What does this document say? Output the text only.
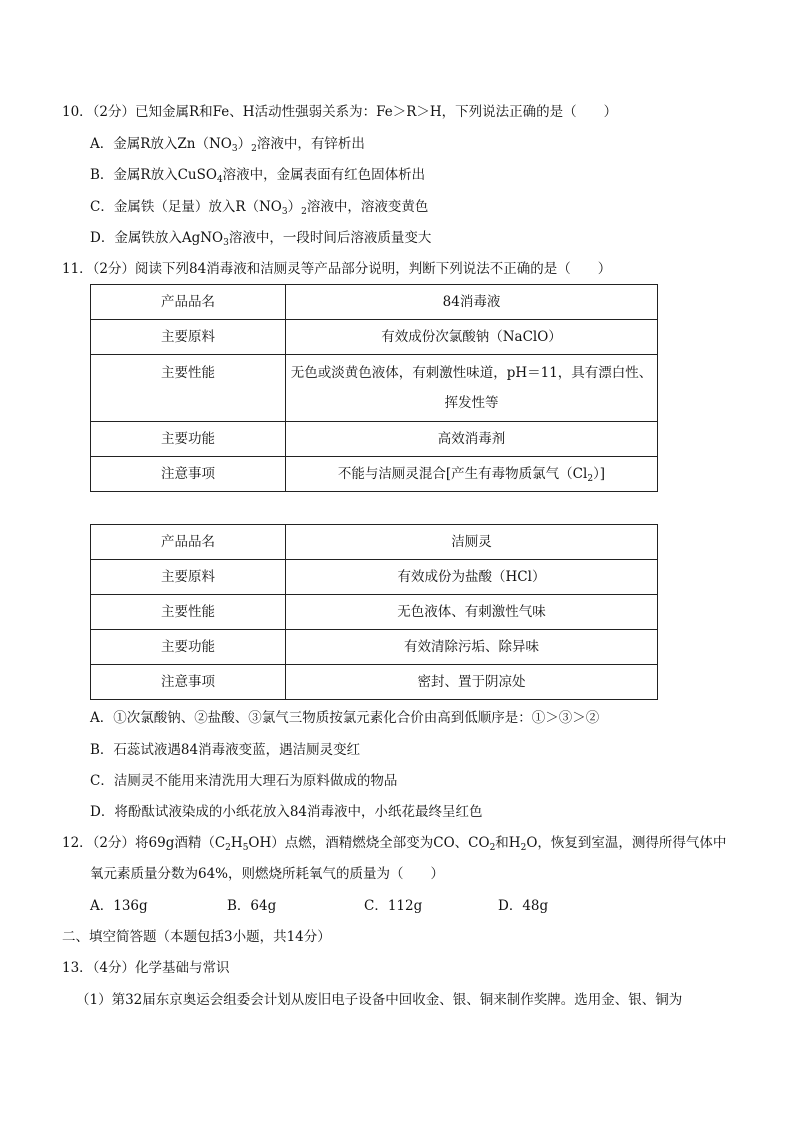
10．（2分）已知金属R和Fe、H活动性强弱关系为：Fe＞R＞H，下列说法正确的是（　　）
A．金属R放入$Zn(NO_3)_2$溶液中，有锌析出
B．金属R放入CuSO$_4$溶液中，金属表面有红色固体析出
C．金属铁（足量）放入$R(NO_3)_2$溶液中，溶液变黄色
D．金属铁放入AgNO$_3$溶液中，一段时间后溶液质量变大
11．（2分）阅读下列84消毒液和洁厕灵等产品部分说明，判断下列说法不正确的是（　　）
产品品名	84消毒液
主要原料	有效成份次氯酸钠（NaClO）
主要性能	无色或淡黄色液体，有刺激性味道，pH＝11，具有漂白性、
挥发性等
主要功能	高效消毒剂
注意事项	不能与洁厕灵混合[产生有毒物质氯气$(Cl_2)$]
产品品名	洁厕灵
主要原料	有效成份为盐酸（HCl）
主要性能	无色液体、有刺激性气味
主要功能	有效清除污垢、除异味
注意事项	密封、置于阴凉处
A．①次氯酸钠、②盐酸、③氯气三物质按氯元素化合价由高到低顺序是：①＞③＞②
B．石蕊试液遇84消毒液变蓝，遇洁厕灵变红
C．洁厕灵不能用来清洗用大理石为原料做成的物品
D．将酚酞试液染成的小纸花放入84消毒液中，小纸花最终呈红色
12．（2分）将69g酒精$(C_2H_5OH)$点燃，酒精燃烧全部变为CO、$CO_2$和$H_2O$，恢复到室温，测得所得气体中
氧元素质量分数为64%，则燃烧所耗氧气的质量为（　　）
A．136g	B．64g	C．112g	D．48g
二、填空简答题（本题包括3小题，共14分）
13．（4分）化学基础与常识
（1）第32届东京奥运会组委会计划从废旧电子设备中回收金、银、铜来制作奖牌。选用金、银、铜为
